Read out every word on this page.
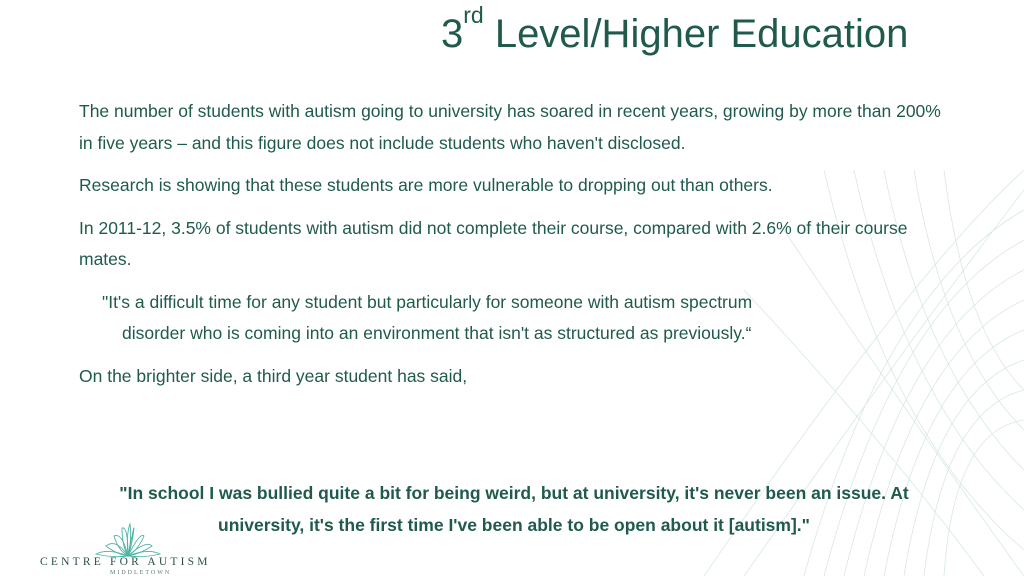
3rd Level/Higher Education

The number of students with autism going to university has soared in recent years, growing by more than 200% in five years – and this figure does not include students who haven't disclosed.

Research is showing that these students are more vulnerable to dropping out than others.

In 2011-12, 3.5% of students with autism did not complete their course, compared with 2.6% of their course mates.

"It's a difficult time for any student but particularly for someone with autism spectrum
disorder who is coming into an environment that isn't as structured as previously.“

On the brighter side, a third year student has said,

"In school I was bullied quite a bit for being weird, but at university, it's never been an issue. At university, it's the first time I've been able to be open about it [autism]."
CENTRE FOR AUTISM
MIDDLETOWN
